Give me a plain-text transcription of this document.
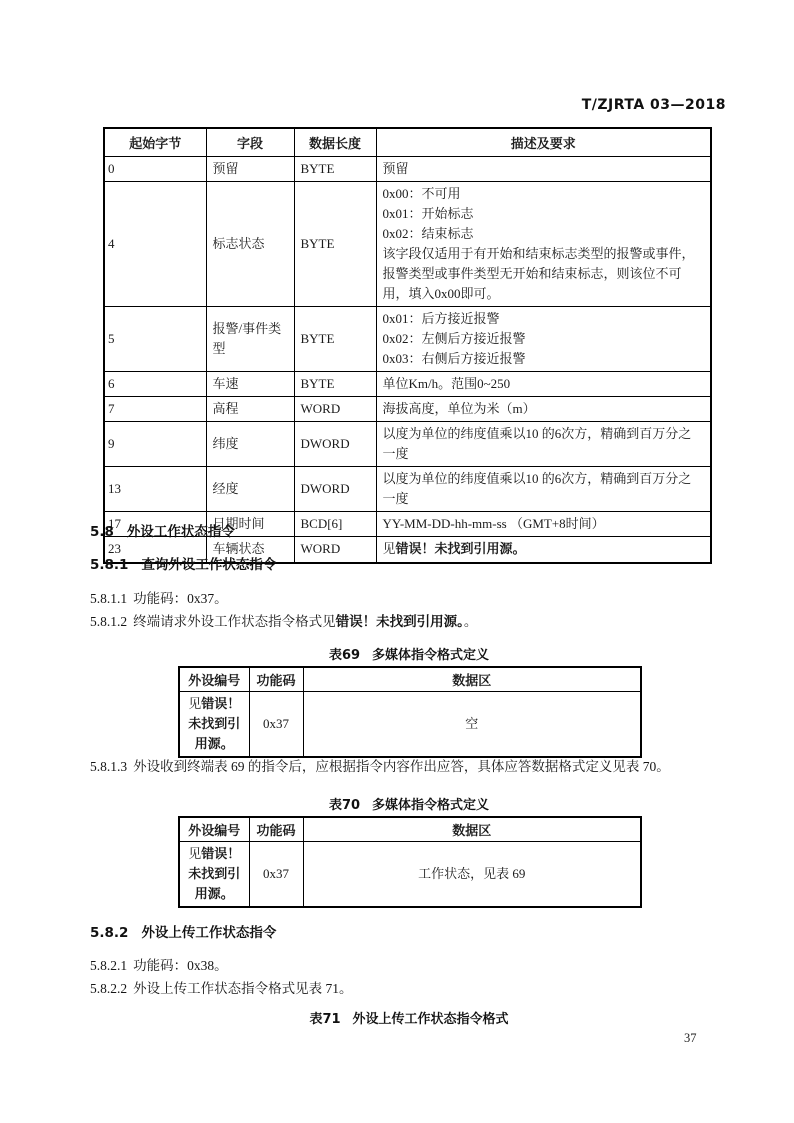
T/ZJRTA 03—2018
起始字节	字段	数据长度	描述及要求
0	预留	BYTE	预留

4	标志状态	BYTE	0x00：不可用
0x01：开始标志
0x02：结束标志
该字段仅适用于有开始和结束标志类型的报警或事件，报警类型或事件类型无开始和结束标志，则该位不可用，填入0x00即可。

5	报警/事件类型	BYTE	0x01：后方接近报警
0x02：左侧后方接近报警
0x03：右侧后方接近报警

6	车速	BYTE	单位Km/h。范围0~250

7	高程	WORD	海拔高度，单位为米（m）

9	纬度	DWORD	以度为单位的纬度值乘以10 的6次方，精确到百万分之一度

13	经度	DWORD	以度为单位的纬度值乘以10 的6次方，精确到百万分之一度

17	日期时间	BCD[6]	YY-MM-DD-hh-mm-ss （GMT+8时间）

23	车辆状态	WORD	见错误！未找到引用源。
5.8 外设工作状态指令
5.8.1 查询外设工作状态指令
5.8.1.1 功能码：0x37。
5.8.1.2 终端请求外设工作状态指令格式见错误！未找到引用源。。
表69 多媒体指令格式定义
外设编号	功能码	数据区
见错误！未找到引用源。	0x37	空
5.8.1.3 外设收到终端表 69 的指令后，应根据指令内容作出应答，具体应答数据格式定义见表 70。
表70 多媒体指令格式定义
外设编号	功能码	数据区
见错误！未找到引用源。	0x37	工作状态，见表 69
5.8.2 外设上传工作状态指令
5.8.2.1 功能码：0x38。
5.8.2.2 外设上传工作状态指令格式见表 71。
表71 外设上传工作状态指令格式
37
